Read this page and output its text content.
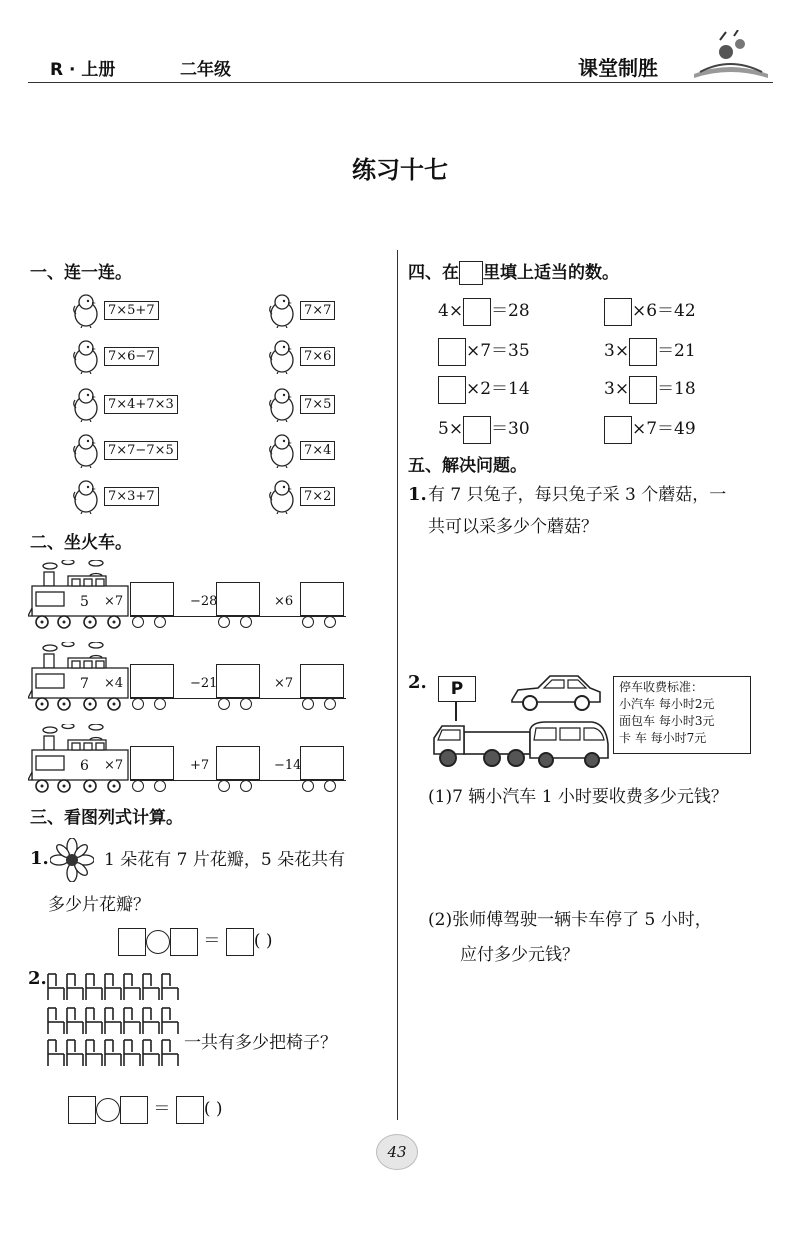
R · 上册	二年级	课堂制胜
练习十七
一、连一连。
7×5+7
7×6−7
7×4+7×3
7×7−7×5
7×3+7
7×7
7×6
7×5
7×4
7×2
二、坐火车。
5 ×7	−28	×6
7 ×4	−21	×7
6 ×7	+7	−14
三、看图列式计算。
1.	1 朵花有 7 片花瓣，5 朵花共有
多少片花瓣？
＝ ( )
2.
一共有多少把椅子？
＝ ( )
四、在 里填上适当的数。
4× ＝28	×6＝42
×7＝35	3× ＝21
×2＝14	3× ＝18
5× ＝30	×7＝49
五、解决问题。
1. 有 7 只兔子，每只兔子采 3 个蘑菇，一
共可以采多少个蘑菇？
2.	P	停车收费标准：
小汽车 每小时2元
面包车 每小时3元
卡 车 每小时7元
(1)7 辆小汽车 1 小时要收费多少元钱？
(2)张师傅驾驶一辆卡车停了 5 小时，
应付多少元钱？
43
